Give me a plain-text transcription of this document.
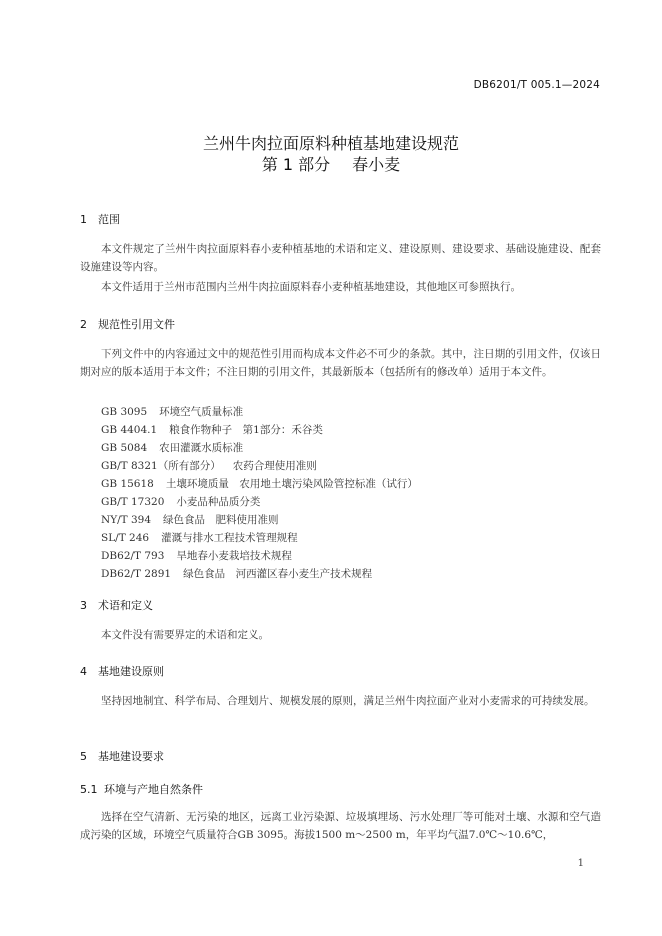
DB6201/T 005.1—2024
兰州牛肉拉面原料种植基地建设规范
第 1 部分 春小麦
1 范围
本文件规定了兰州牛肉拉面原料春小麦种植基地的术语和定义、建设原则、建设要求、基础设施建设、配套设施建设等内容。
本文件适用于兰州市范围内兰州牛肉拉面原料春小麦种植基地建设，其他地区可参照执行。
2 规范性引用文件
下列文件中的内容通过文中的规范性引用而构成本文件必不可少的条款。其中，注日期的引用文件，仅该日期对应的版本适用于本文件；不注日期的引用文件，其最新版本（包括所有的修改单）适用于本文件。
GB 3095 环境空气质量标准
GB 4404.1 粮食作物种子　第1部分：禾谷类
GB 5084 农田灌溉水质标准
GB/T 8321（所有部分） 农药合理使用准则
GB 15618 土壤环境质量　农用地土壤污染风险管控标准（试行）
GB/T 17320 小麦品种品质分类
NY/T 394 绿色食品　肥料使用准则
SL/T 246 灌溉与排水工程技术管理规程
DB62/T 793 旱地春小麦栽培技术规程
DB62/T 2891 绿色食品　河西灌区春小麦生产技术规程
3 术语和定义
本文件没有需要界定的术语和定义。
4 基地建设原则
坚持因地制宜、科学布局、合理划片、规模发展的原则，满足兰州牛肉拉面产业对小麦需求的可持续发展。
5 基地建设要求
5.1 环境与产地自然条件
选择在空气清新、无污染的地区，远离工业污染源、垃圾填埋场、污水处理厂等可能对土壤、水源和空气造成污染的区域，环境空气质量符合GB 3095。海拔1500 m～2500 m，年平均气温7.0℃～10.6℃，
1
